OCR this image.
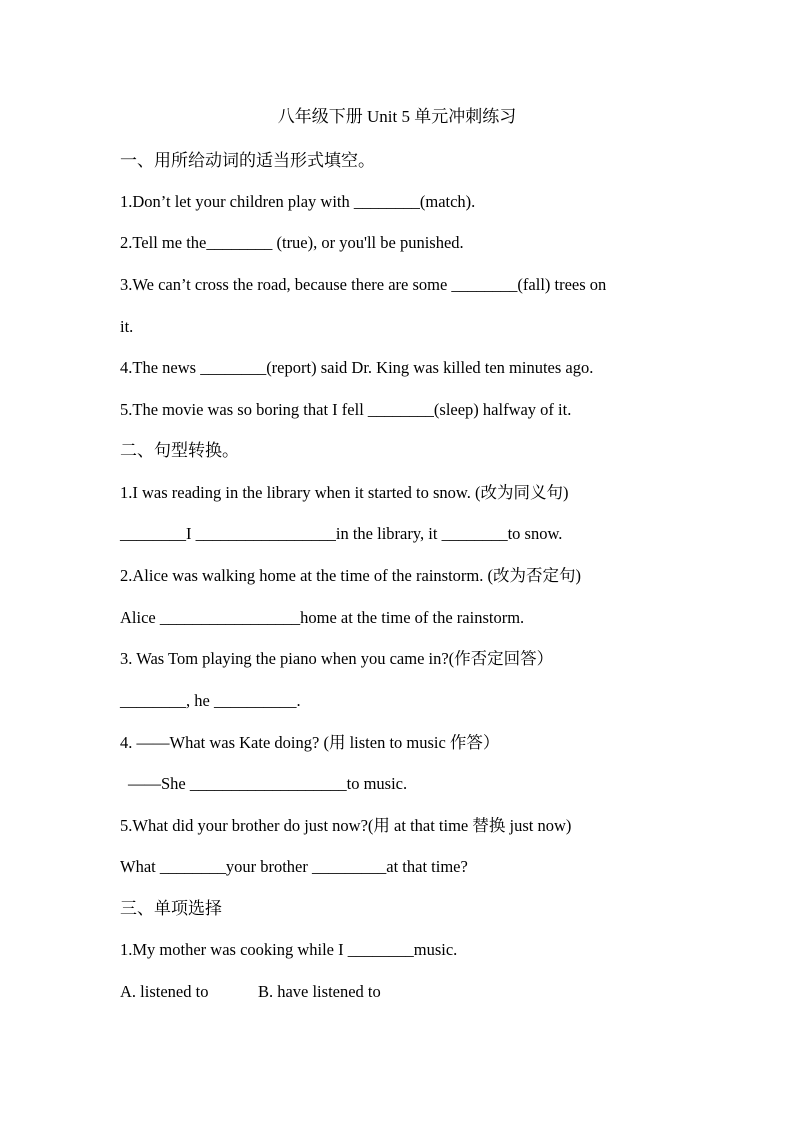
八年级下册 Unit 5 单元冲刺练习
一、用所给动词的适当形式填空。
1.Don’t let your children play with ________(match).
2.Tell me the________ (true), or you'll be punished.
3.We can’t cross the road, because there are some ________(fall) trees on
it.
4.The news ________(report) said Dr. King was killed ten minutes ago.
5.The movie was so boring that I fell ________(sleep) halfway of it.
二、句型转换。
1.I was reading in the library when it started to snow. (改为同义句)
________I _________________in the library, it ________to snow.
2.Alice was walking home at the time of the rainstorm. (改为否定句)
Alice _________________home at the time of the rainstorm.
3. Was Tom playing the piano when you came in?(作否定回答）
________, he __________.
4. ——What was Kate doing? (用 listen to music 作答）
——She ___________________to music.
5.What did your brother do just now?(用 at that time 替换 just now)
What ________your brother _________at that time?
三、单项选择
1.My mother was cooking while I ________music.
A. listened to            B. have listened to
